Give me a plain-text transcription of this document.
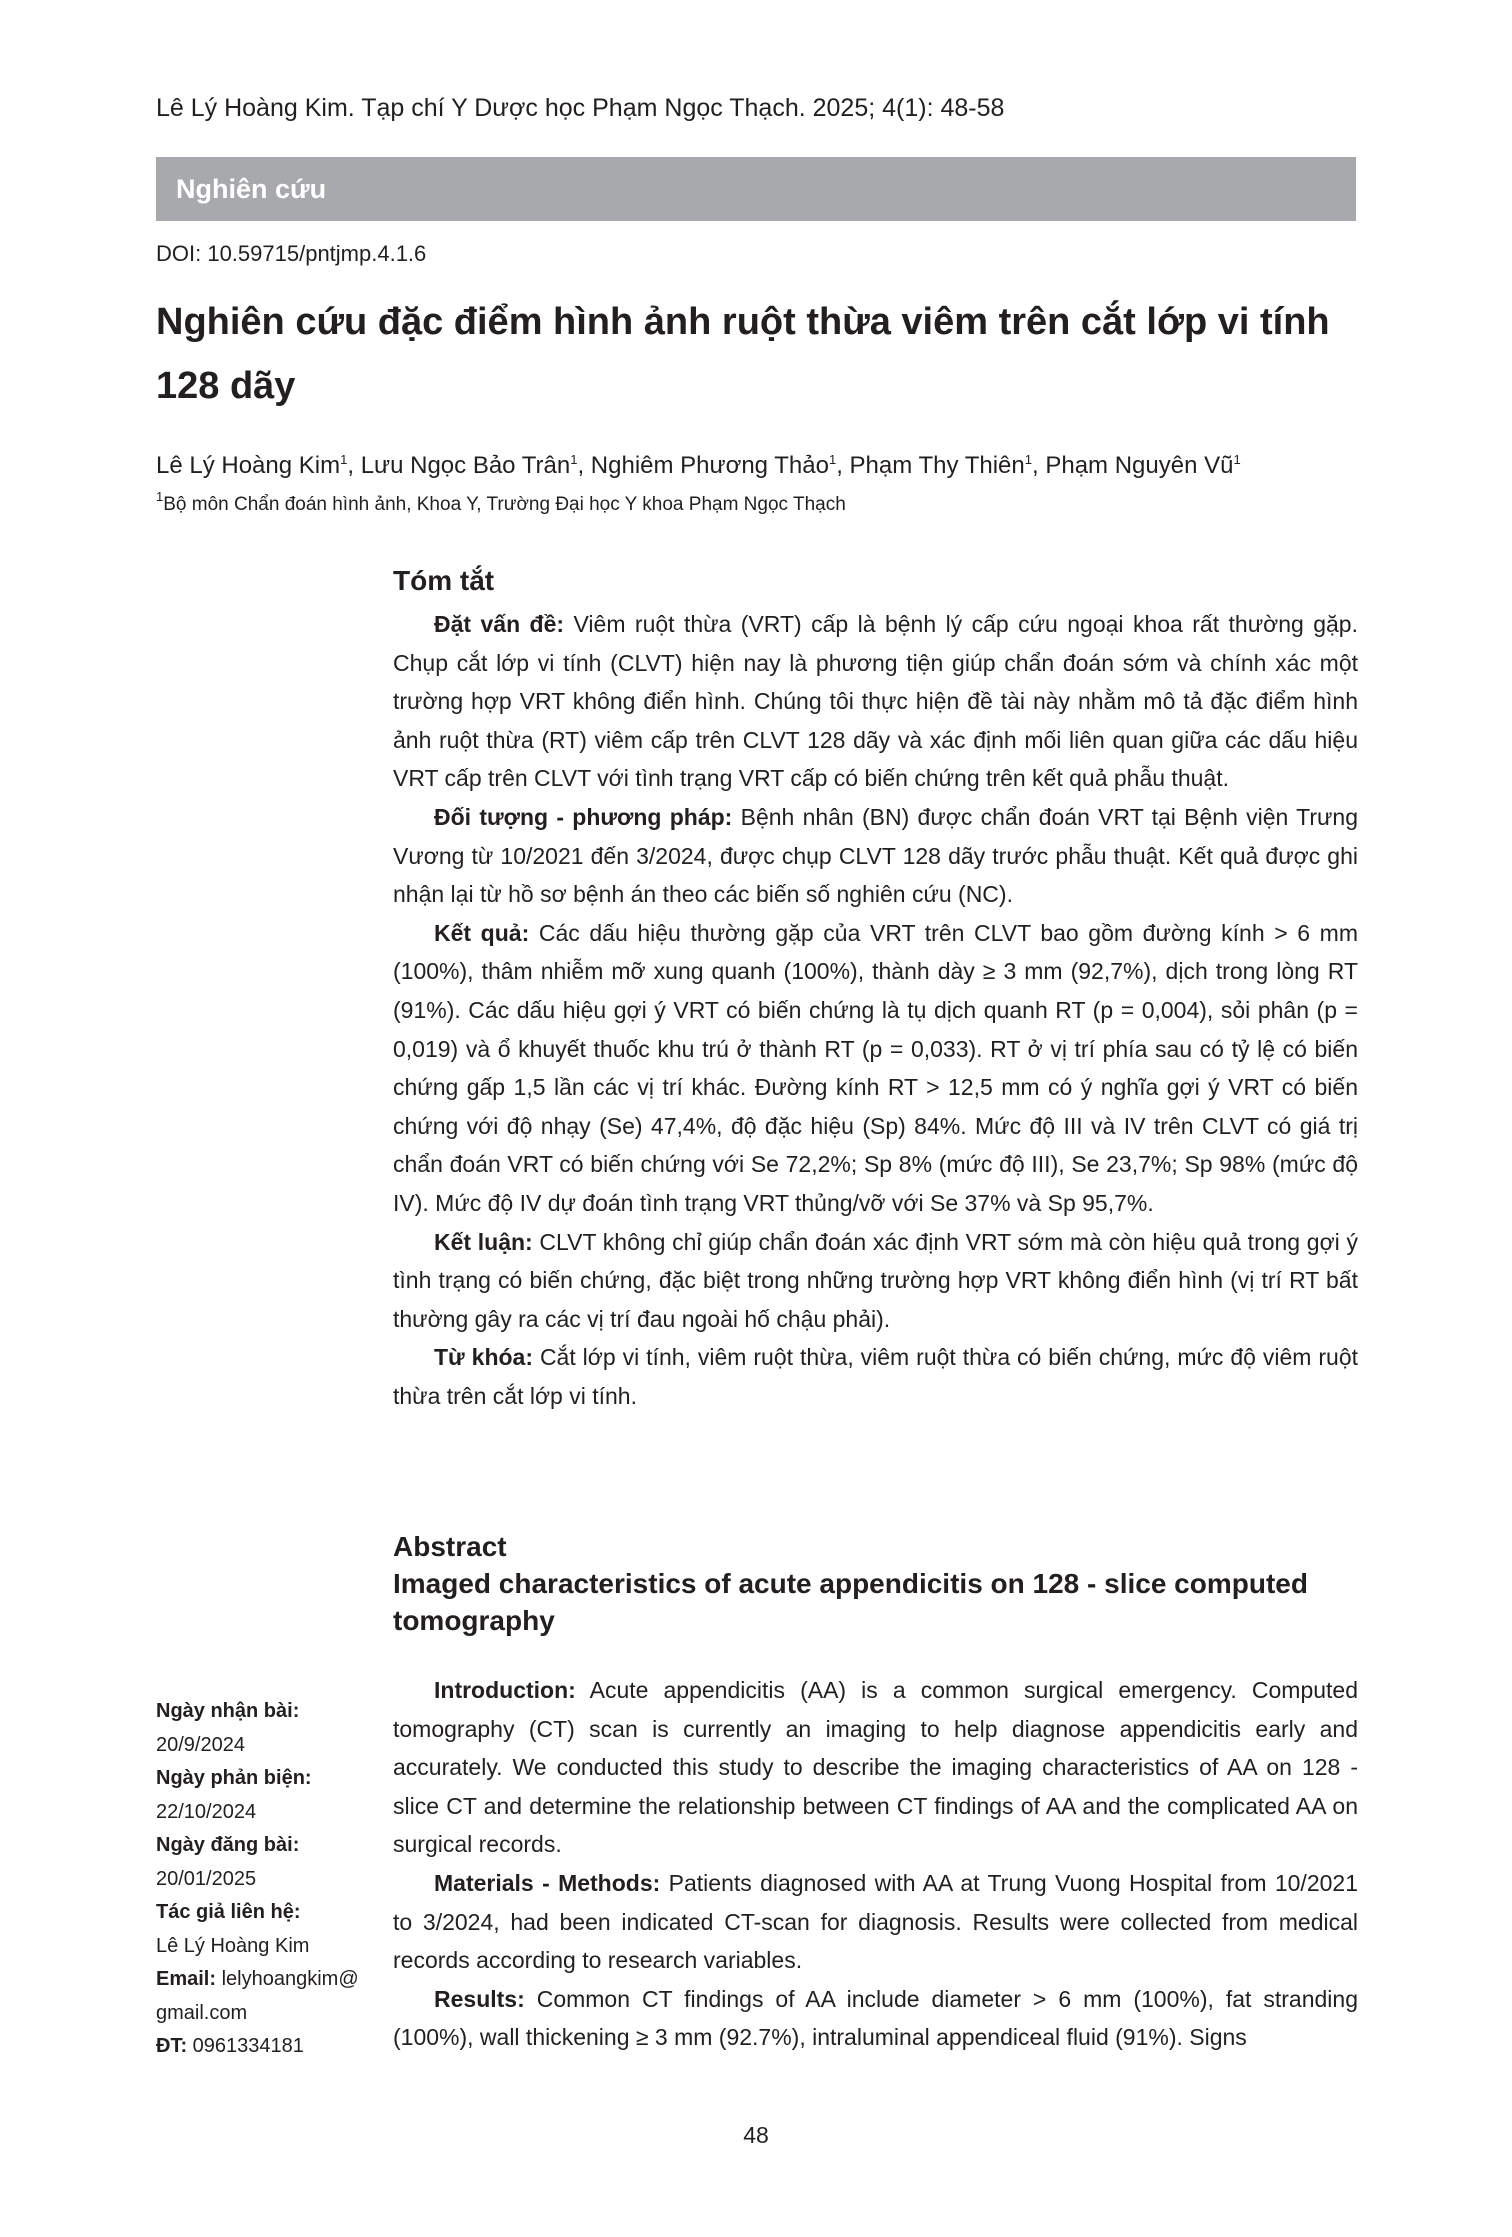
Lê Lý Hoàng Kim. Tạp chí Y Dược học Phạm Ngọc Thạch. 2025; 4(1): 48-58
Nghiên cứu
DOI: 10.59715/pntjmp.4.1.6
Nghiên cứu đặc điểm hình ảnh ruột thừa viêm trên cắt lớp vi tính 128 dãy
Lê Lý Hoàng Kim$^1$, Lưu Ngọc Bảo Trân$^1$, Nghiêm Phương Thảo$^1$, Phạm Thy Thiên$^1$, Phạm Nguyên $Vũ^1$
$^1$Bộ môn Chẩn đoán hình ảnh, Khoa Y, Trường Đại học Y khoa Phạm Ngọc Thạch
Tóm tắt

Đặt vấn đề: Viêm ruột thừa (VRT) cấp là bệnh lý cấp cứu ngoại khoa rất thường gặp. Chụp cắt lớp vi tính (CLVT) hiện nay là phương tiện giúp chẩn đoán sớm và chính xác một trường hợp VRT không điển hình. Chúng tôi thực hiện đề tài này nhằm mô tả đặc điểm hình ảnh ruột thừa (RT) viêm cấp trên CLVT 128 dãy và xác định mối liên quan giữa các dấu hiệu VRT cấp trên CLVT với tình trạng VRT cấp có biến chứng trên kết quả phẫu thuật.

Đối tượng - phương pháp: Bệnh nhân (BN) được chẩn đoán VRT tại Bệnh viện Trưng Vương từ 10/2021 đến 3/2024, được chụp CLVT 128 dãy trước phẫu thuật. Kết quả được ghi nhận lại từ hồ sơ bệnh án theo các biến số nghiên cứu (NC).

Kết quả: Các dấu hiệu thường gặp của VRT trên CLVT bao gồm đường kính > 6 mm (100%), thâm nhiễm mỡ xung quanh (100%), thành dày ≥ 3 mm (92,7%), dịch trong lòng RT (91%). Các dấu hiệu gợi ý VRT có biến chứng là tụ dịch quanh RT (p = 0,004), sỏi phân (p = 0,019) và ổ khuyết thuốc khu trú ở thành RT (p = 0,033). RT ở vị trí phía sau có tỷ lệ có biến chứng gấp 1,5 lần các vị trí khác. Đường kính RT > 12,5 mm có ý nghĩa gợi ý VRT có biến chứng với độ nhạy (Se) 47,4%, độ đặc hiệu (Sp) 84%. Mức độ III và IV trên CLVT có giá trị chẩn đoán VRT có biến chứng với Se 72,2%; Sp 8% (mức độ III), Se 23,7%; Sp 98% (mức độ IV). Mức độ IV dự đoán tình trạng VRT thủng/vỡ với Se 37% và Sp 95,7%.

Kết luận: CLVT không chỉ giúp chẩn đoán xác định VRT sớm mà còn hiệu quả trong gợi ý tình trạng có biến chứng, đặc biệt trong những trường hợp VRT không điển hình (vị trí RT bất thường gây ra các vị trí đau ngoài hố chậu phải).

Từ khóa: Cắt lớp vi tính, viêm ruột thừa, viêm ruột thừa có biến chứng, mức độ viêm ruột thừa trên cắt lớp vi tính.

Abstract
Imaged characteristics of acute appendicitis on 128 - slice computed tomography

Introduction: Acute appendicitis (AA) is a common surgical emergency. Computed tomography (CT) scan is currently an imaging to help diagnose appendicitis early and accurately. We conducted this study to describe the imaging characteristics of AA on 128 - slice CT and determine the relationship between CT findings of AA and the complicated AA on surgical records.

Materials - Methods: Patients diagnosed with AA at Trung Vuong Hospital from 10/2021 to 3/2024, had been indicated CT-scan for diagnosis. Results were collected from medical records according to research variables.

Results: Common CT findings of AA include diameter > 6 mm (100%), fat stranding (100%), wall thickening ≥ 3 mm (92.7%), intraluminal appendiceal fluid (91%). Signs

Ngày nhận bài:
20/9/2024
Ngày phản biện:
22/10/2024
Ngày đăng bài:
20/01/2025
Tác giả liên hệ:
Lê Lý Hoàng Kim
Email: lelyhoangkim@
gmail.com
ĐT: 0961334181
48
